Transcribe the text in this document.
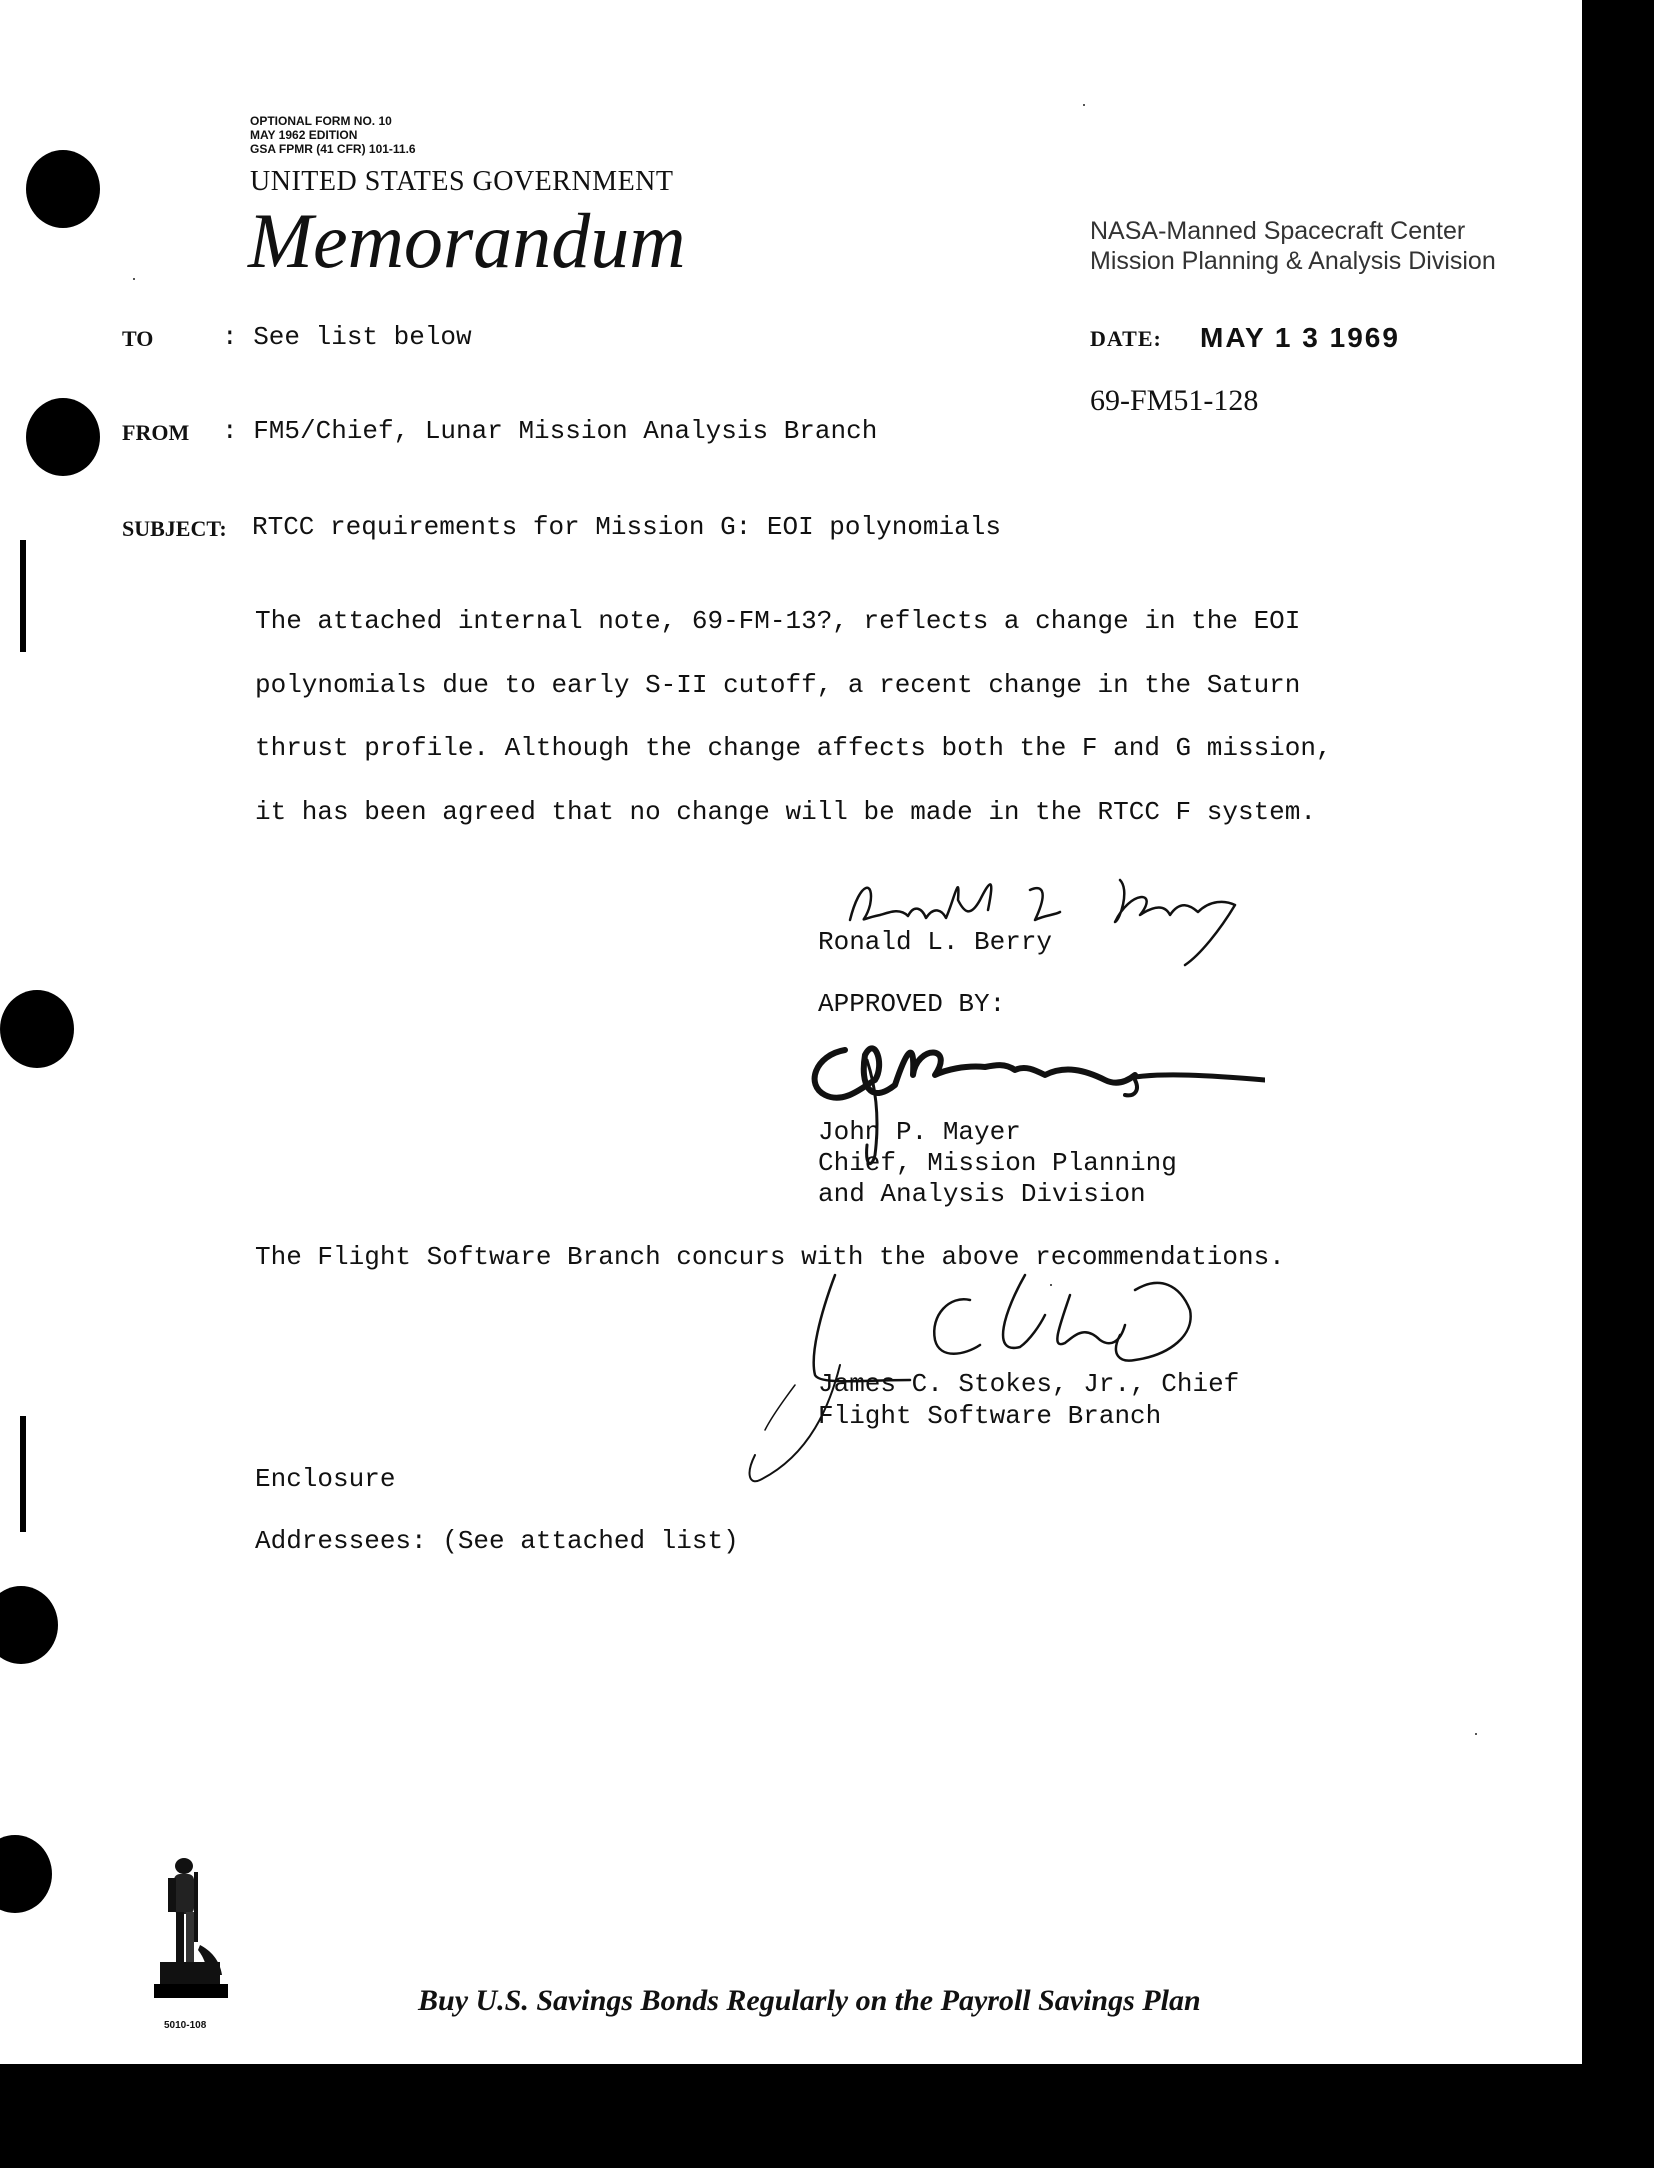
OPTIONAL FORM NO. 10
MAY 1962 EDITION
GSA FPMR (41 CFR) 101-11.6
UNITED STATES GOVERNMENT
Memorandum	NASA-Manned Spacecraft Center
Mission Planning & Analysis Division
TO	: See list below	DATE: MAY 1 3 1969
69-FM51-128
FROM : FM5/Chief, Lunar Mission Analysis Branch
SUBJECT: RTCC requirements for Mission G: EOI polynomials
The attached internal note, 69-FM-13?, reflects a change in the EOI
polynomials due to early S-II cutoff, a recent change in the Saturn
thrust profile. Although the change affects both the F and G mission,
it has been agreed that no change will be made in the RTCC F system.
Ronald L. Berry
APPROVED BY:
John P. Mayer
Chief, Mission Planning
and Analysis Division
The Flight Software Branch concurs with the above recommendations.
James C. Stokes, Jr., Chief
Flight Software Branch
Enclosure
Addressees: (See attached list)
5010-108
Buy U.S. Savings Bonds Regularly on the Payroll Savings Plan
